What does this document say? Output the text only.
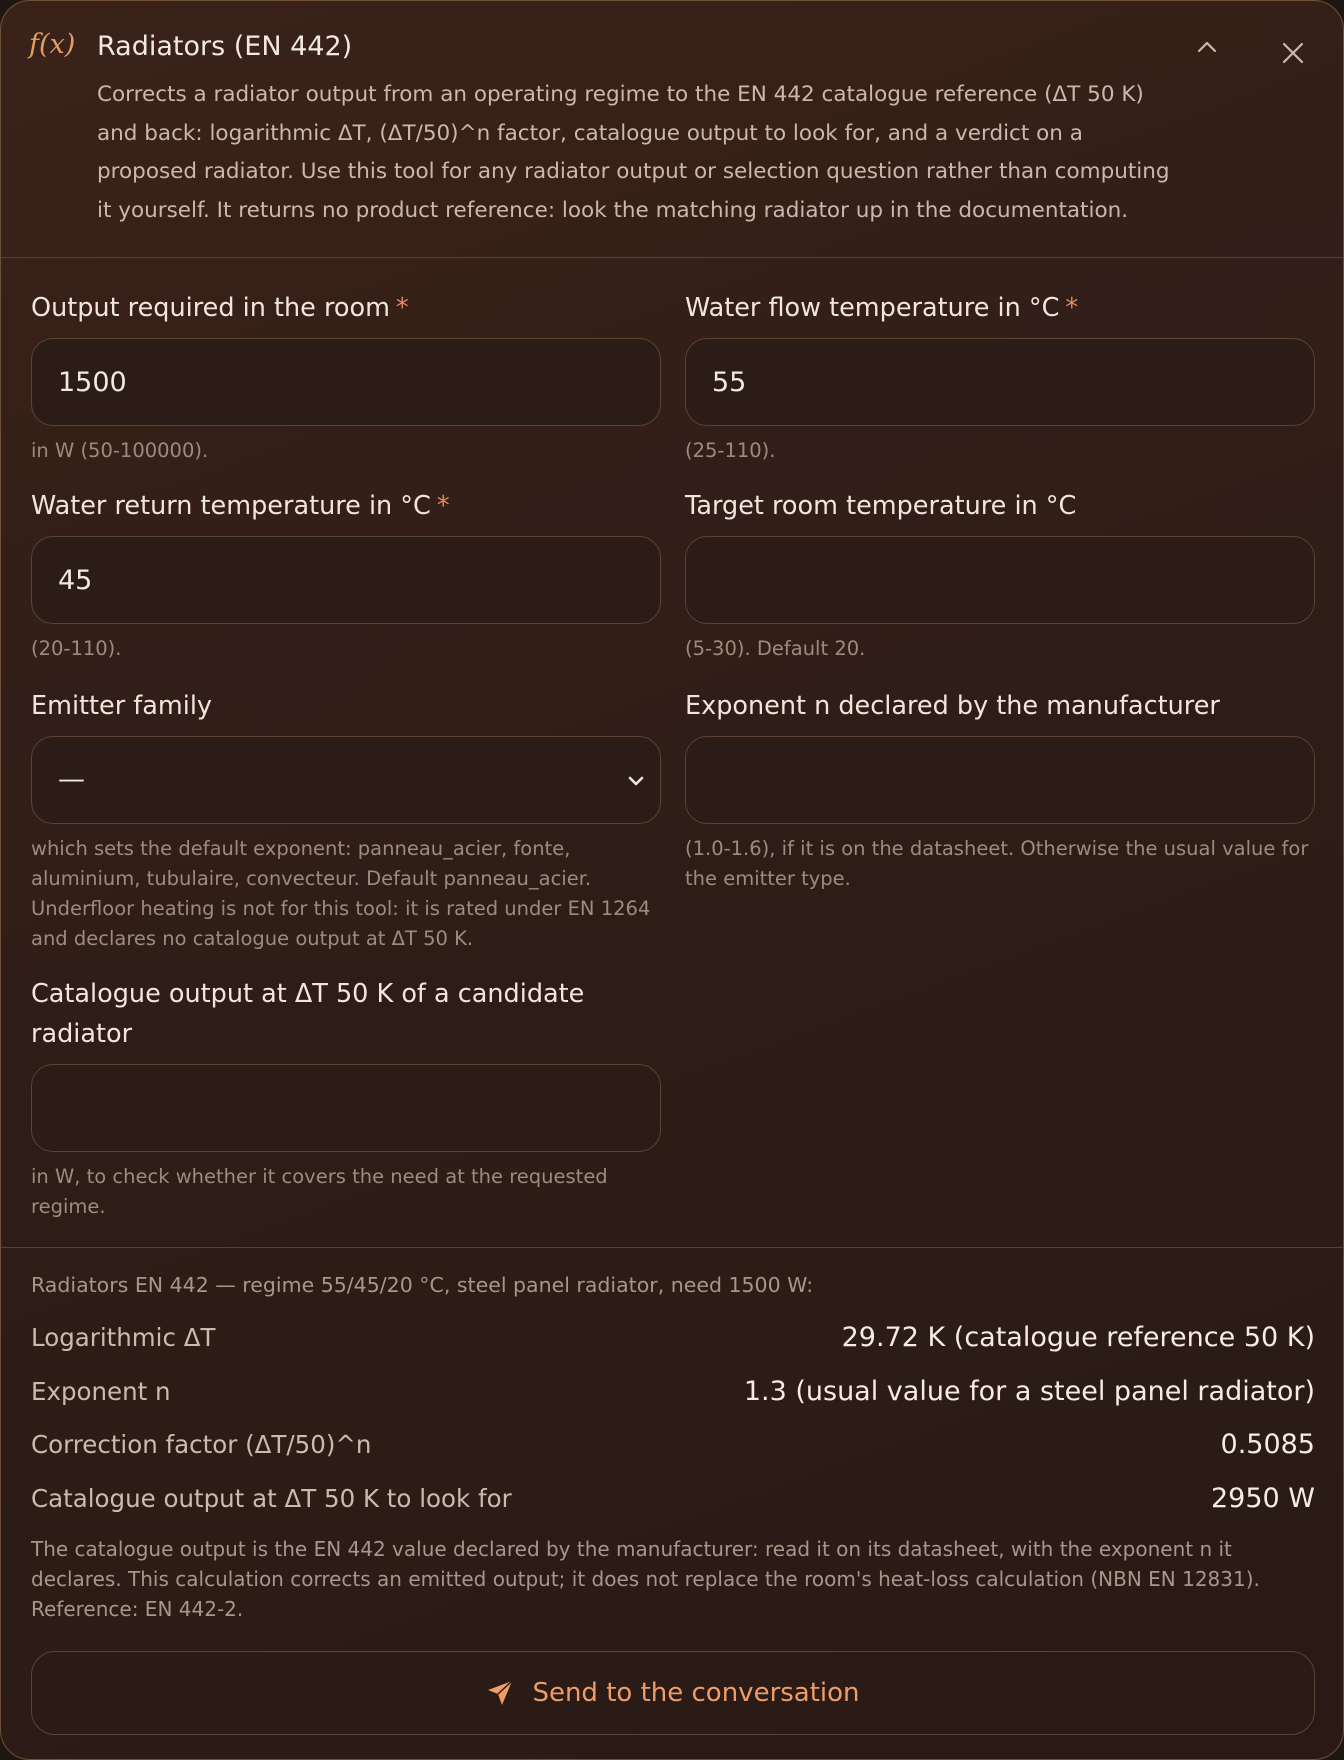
f(x) Radiators (EN 442)

Corrects a radiator output from an operating regime to the EN 442 catalogue reference (ΔT 50 K) and back: logarithmic ΔT, (ΔT/50)^n factor, catalogue output to look for, and a verdict on a proposed radiator. Use this tool for any radiator output or selection question rather than computing it yourself. It returns no product reference: look the matching radiator up in the documentation.

Output required in the room *
1500
in W (50-100000).
Water flow temperature in °C *
55
(25-110).
Water return temperature in °C *
45
(20-110).
Target room temperature in °C
(5-30). Default 20.
Emitter family
—
which sets the default exponent: panneau_acier, fonte, aluminium, tubulaire, convecteur. Default panneau_acier. Underfloor heating is not for this tool: it is rated under EN 1264 and declares no catalogue output at ΔT 50 K.
Exponent n declared by the manufacturer
(1.0-1.6), if it is on the datasheet. Otherwise the usual value for the emitter type.
Catalogue output at ΔT 50 K of a candidate radiator
in W, to check whether it covers the need at the requested regime.
Radiators EN 442 — regime 55/45/20 °C, steel panel radiator, need 1500 W:
Logarithmic ΔT	29.72 K (catalogue reference 50 K)
Exponent n	1.3 (usual value for a steel panel radiator)
Correction factor (ΔT/50)^n	0.5085
Catalogue output at ΔT 50 K to look for	2950 W

The catalogue output is the EN 442 value declared by the manufacturer: read it on its datasheet, with the exponent n it declares. This calculation corrects an emitted output; it does not replace the room's heat-loss calculation (NBN EN 12831). Reference: EN 442-2.

Send to the conversation
